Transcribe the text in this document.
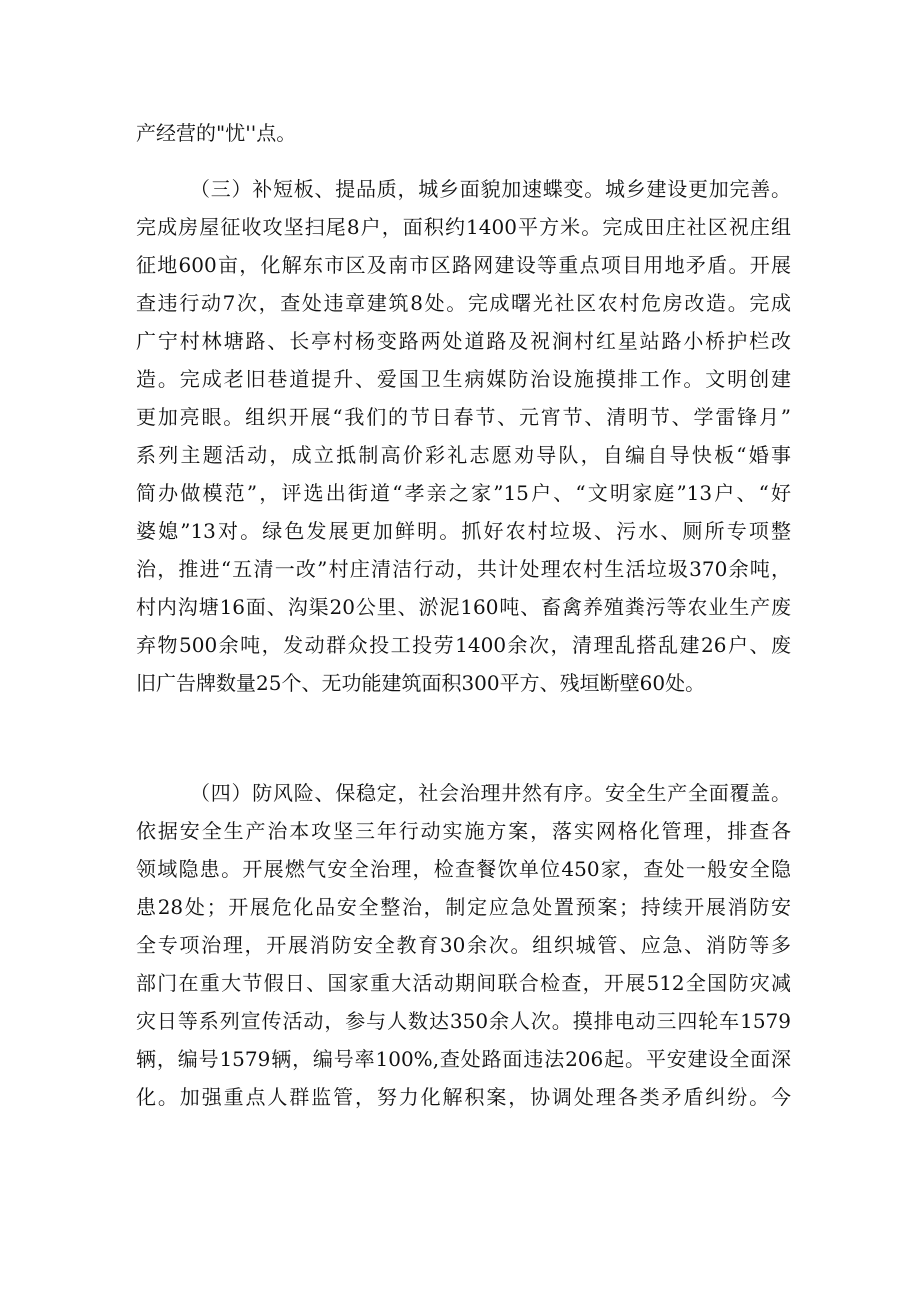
产经营的"忧''点。
（三）补短板、提品质，城乡面貌加速蝶变。城乡建设更加完善。
完成房屋征收攻坚扫尾8户，面积约1400平方米。完成田庄社区祝庄组
征地600亩，化解东市区及南市区路网建设等重点项目用地矛盾。开展
查违行动7次，查处违章建筑8处。完成曙光社区农村危房改造。完成
广宁村林塘路、长亭村杨变路两处道路及祝涧村红星站路小桥护栏改
造。完成老旧巷道提升、爱国卫生病媒防治设施摸排工作。文明创建
更加亮眼。组织开展“我们的节日春节、元宵节、清明节、学雷锋月”
系列主题活动，成立抵制高价彩礼志愿劝导队，自编自导快板“婚事
简办做模范”，评选出街道“孝亲之家”15户、“文明家庭”13户、“好
婆媳”13对。绿色发展更加鲜明。抓好农村垃圾、污水、厕所专项整
治，推进“五清一改”村庄清洁行动，共计处理农村生活垃圾370余吨，
村内沟塘16面、沟渠20公里、淤泥160吨、畜禽养殖粪污等农业生产废
弃物500余吨，发动群众投工投劳1400余次，清理乱搭乱建26户、废
旧广告牌数量25个、无功能建筑面积300平方、残垣断壁60处。
（四）防风险、保稳定，社会治理井然有序。安全生产全面覆盖。
依据安全生产治本攻坚三年行动实施方案，落实网格化管理，排查各
领域隐患。开展燃气安全治理，检查餐饮单位450家，查处一般安全隐
患28处；开展危化品安全整治，制定应急处置预案；持续开展消防安
全专项治理，开展消防安全教育30余次。组织城管、应急、消防等多
部门在重大节假日、国家重大活动期间联合检查，开展512全国防灾减
灾日等系列宣传活动，参与人数达350余人次。摸排电动三四轮车1579
辆，编号1579辆，编号率100%,查处路面违法206起。平安建设全面深
化。加强重点人群监管，努力化解积案，协调处理各类矛盾纠纷。今
